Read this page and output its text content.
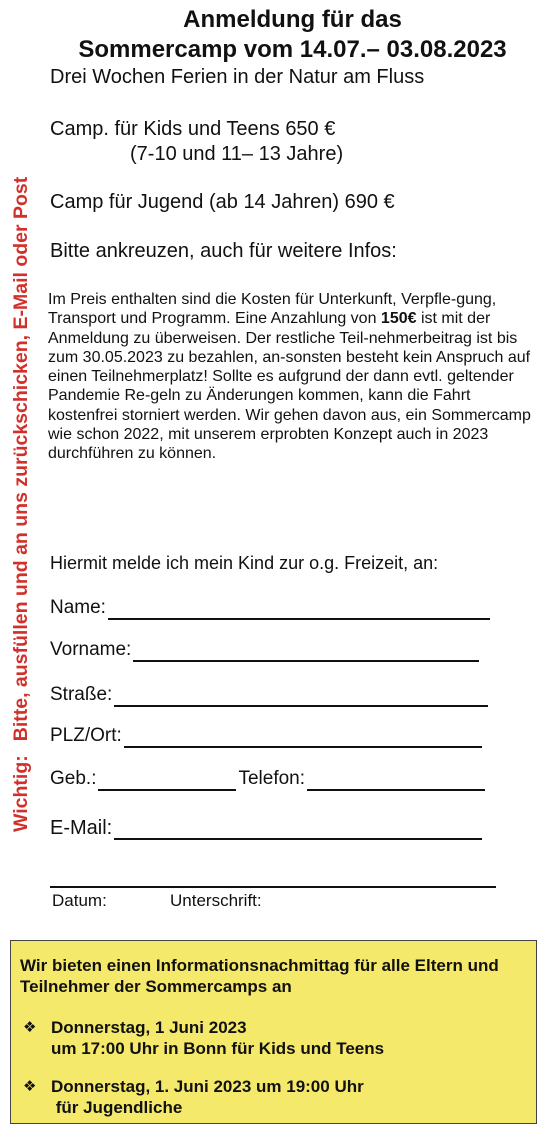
Wichtig:
Bitte, ausfüllen und an uns zurückschicken, E-Mail oder Post
Anmeldung für das
Sommercamp vom 14.07.– 03.08.2023
Drei Wochen Ferien in der Natur am Fluss
Camp. für Kids und Teens 650 €
(7-10 und 11– 13 Jahre)
Camp für Jugend (ab 14 Jahren) 690 €
Bitte ankreuzen, auch für weitere Infos:
Im Preis enthalten sind die Kosten für Unterkunft, Verpfle-gung, Transport und Programm. Eine Anzahlung von 150€ ist mit der Anmeldung zu überweisen. Der restliche Teil-nehmerbeitrag ist bis zum 30.05.2023 zu bezahlen, an-sonsten besteht kein Anspruch auf einen Teilnehmerplatz! Sollte es aufgrund der dann evtl. geltender Pandemie Re-geln zu Änderungen kommen, kann die Fahrt kostenfrei storniert werden. Wir gehen davon aus, ein Sommercamp wie schon 2022, mit unserem erprobten Konzept auch in 2023 durchführen zu können.
Hiermit melde ich mein Kind zur o.g. Freizeit, an:
Name:
Vorname:
Straße:
PLZ/Ort:
Geb.:	Telefon:
E-Mail:
Datum:	Unterschrift:
Wir bieten einen Informationsnachmittag für alle Eltern und Teilnehmer der Sommercamps an
❖ Donnerstag, 1 Juni 2023
um 17:00 Uhr in Bonn für Kids und Teens
❖ Donnerstag, 1. Juni 2023 um 19:00 Uhr
für Jugendliche
